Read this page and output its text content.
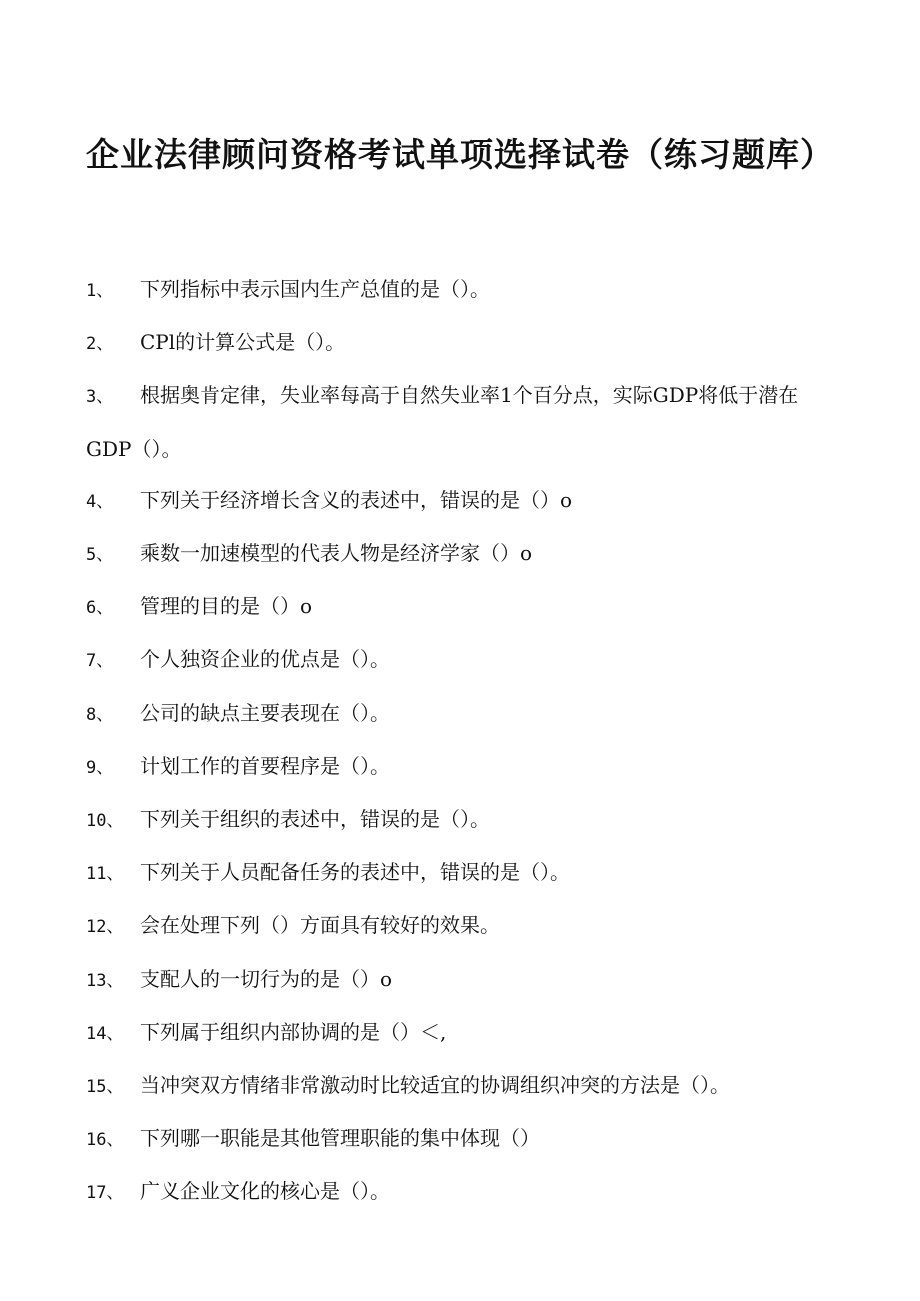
企业法律顾问资格考试单项选择试卷（练习题库）
1、 下列指标中表示国内生产总值的是（）。
2、 CPl的计算公式是（）。
3、 根据奥肯定律，失业率每高于自然失业率1个百分点，实际GDP将低于潜在GDP（）。
4、 下列关于经济增长含义的表述中，错误的是（）o
5、 乘数一加速模型的代表人物是经济学家（）o
6、 管理的目的是（）o
7、 个人独资企业的优点是（）。
8、 公司的缺点主要表现在（）。
9、 计划工作的首要程序是（）。
10、 下列关于组织的表述中，错误的是（）。
11、 下列关于人员配备任务的表述中，错误的是（）。
12、 会在处理下列（）方面具有较好的效果。
13、 支配人的一切行为的是（）o
14、 下列属于组织内部协调的是（）＜,
15、 当冲突双方情绪非常激动时比较适宜的协调组织冲突的方法是（）。
16、 下列哪一职能是其他管理职能的集中体现（）
17、 广义企业文化的核心是（）。
